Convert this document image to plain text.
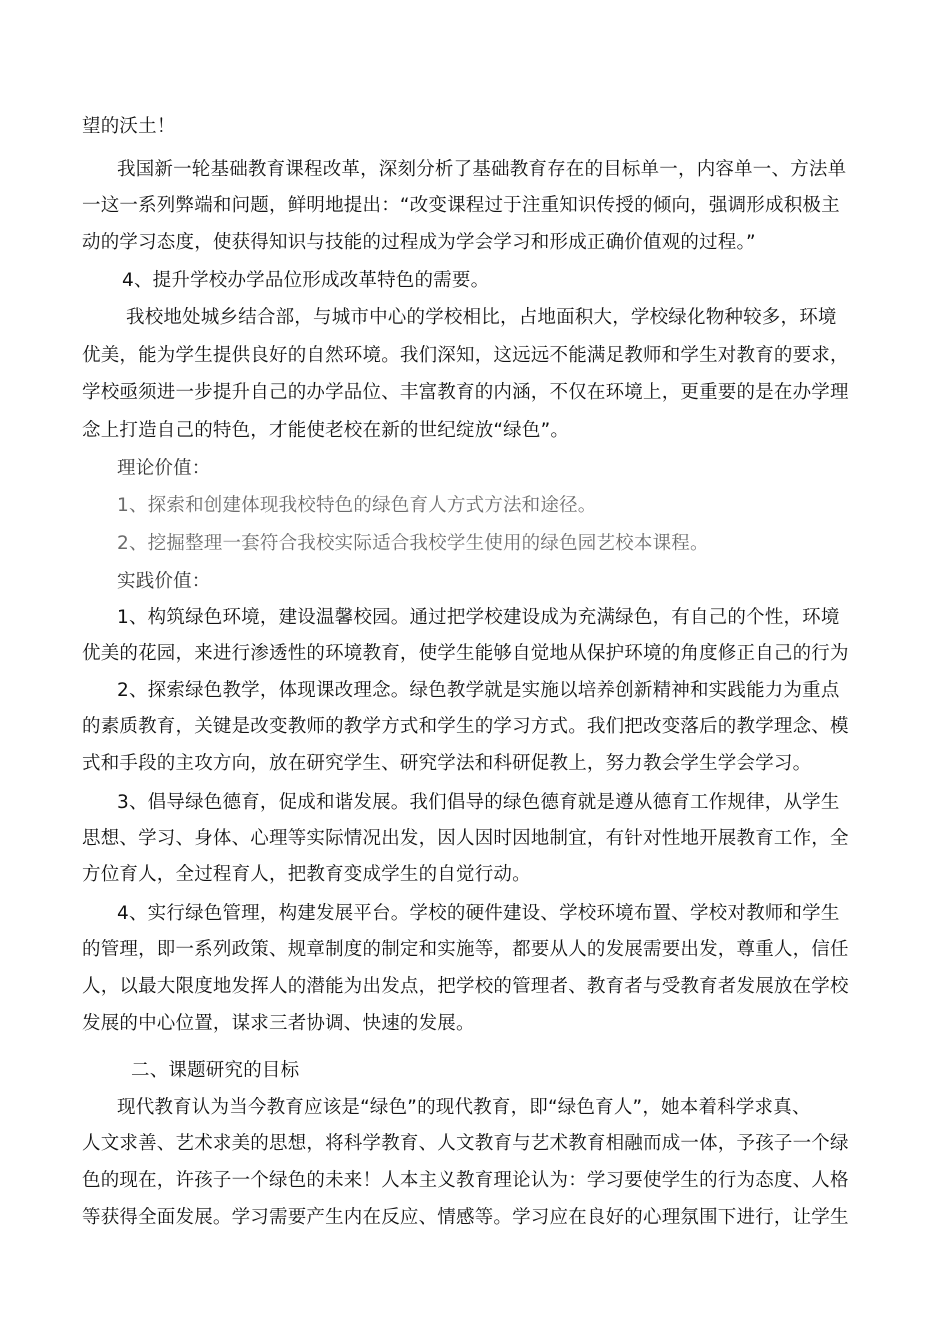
望的沃土！
我国新一轮基础教育课程改革，深刻分析了基础教育存在的目标单一，内容单一、方法单
一这一系列弊端和问题，鲜明地提出：“改变课程过于注重知识传授的倾向，强调形成积极主
动的学习态度，使获得知识与技能的过程成为学会学习和形成正确价值观的过程。”
4、提升学校办学品位形成改革特色的需要。
我校地处城乡结合部，与城市中心的学校相比，占地面积大，学校绿化物种较多，环境
优美，能为学生提供良好的自然环境。我们深知，这远远不能满足教师和学生对教育的要求，
学校亟须进一步提升自己的办学品位、丰富教育的内涵，不仅在环境上，更重要的是在办学理
念上打造自己的特色，才能使老校在新的世纪绽放“绿色”。
理论价值：
1、探索和创建体现我校特色的绿色育人方式方法和途径。
2、挖掘整理一套符合我校实际适合我校学生使用的绿色园艺校本课程。
实践价值：
1、构筑绿色环境，建设温馨校园。通过把学校建设成为充满绿色，有自己的个性，环境
优美的花园，来进行渗透性的环境教育，使学生能够自觉地从保护环境的角度修正自己的行为
2、探索绿色教学，体现课改理念。绿色教学就是实施以培养创新精神和实践能力为重点
的素质教育，关键是改变教师的教学方式和学生的学习方式。我们把改变落后的教学理念、模
式和手段的主攻方向，放在研究学生、研究学法和科研促教上，努力教会学生学会学习。
3、倡导绿色德育，促成和谐发展。我们倡导的绿色德育就是遵从德育工作规律，从学生
思想、学习、身体、心理等实际情况出发，因人因时因地制宜，有针对性地开展教育工作，全
方位育人，全过程育人，把教育变成学生的自觉行动。
4、实行绿色管理，构建发展平台。学校的硬件建设、学校环境布置、学校对教师和学生
的管理，即一系列政策、规章制度的制定和实施等，都要从人的发展需要出发，尊重人，信任
人，以最大限度地发挥人的潜能为出发点，把学校的管理者、教育者与受教育者发展放在学校
发展的中心位置，谋求三者协调、快速的发展。
二、课题研究的目标
现代教育认为当今教育应该是“绿色”的现代教育，即“绿色育人”，她本着科学求真、
人文求善、艺术求美的思想，将科学教育、人文教育与艺术教育相融而成一体，予孩子一个绿
色的现在，许孩子一个绿色的未来！人本主义教育理论认为：学习要使学生的行为态度、人格
等获得全面发展。学习需要产生内在反应、情感等。学习应在良好的心理氛围下进行，让学生
